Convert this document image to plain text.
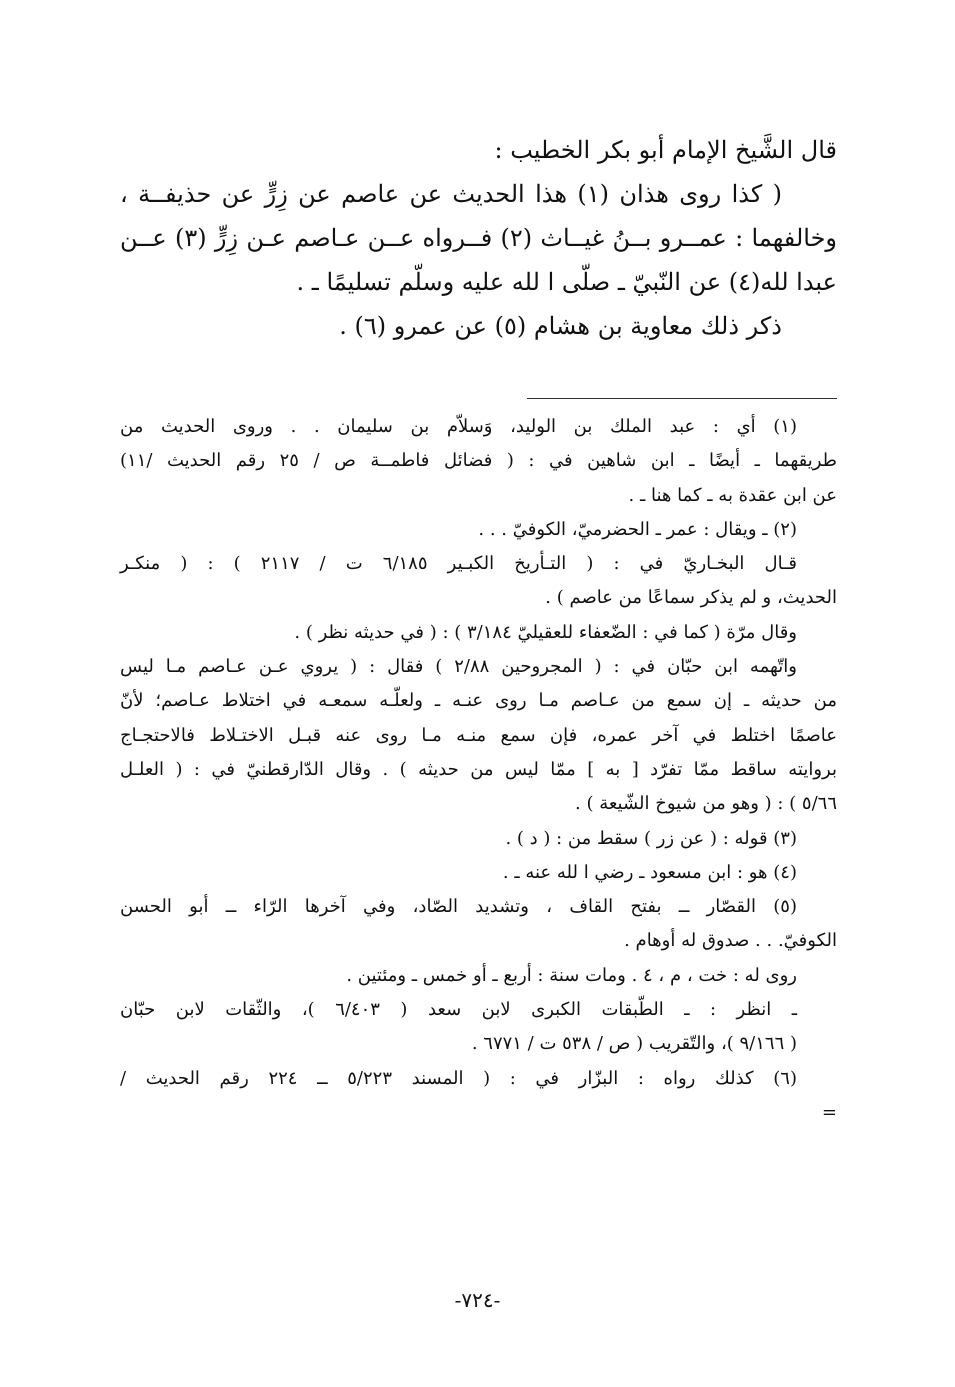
قال الشَّيخ الإمام أبو بكر الخطيب :

( كذا روى هذان (١) هذا الحديث عن عاصم عن زِرٍّ عن حذيفــة ،

وخالفهما : عمــرو بــنُ غيــاث (٢) فــرواه عــن عـاصم عـن زِرٍّ (٣) عــن

عبدا لله(٤) عن النّبيّ ـ صلّى ا لله عليه وسلّم تسليمًا ـ .

ذكر ذلك معاوية بن هشام (٥) عن عمرو (٦) .

(١) أي : عبد الملك بن الوليد، وَسلاّم بن سليمان . . وروى الحديث من

طريقهما ـ أيضًا ـ ابن شاهين في : ( فضائل فاطمــة ص / ٢٥ رقم الحديث /١١)

عن ابن عقدة به ـ كما هنا ـ .

(٢) ـ ويقال : عمر ـ الحضرميّ، الكوفيّ . . .

قـال البخـاريّ في : ( التـأريخ الكبـير ٦/١٨٥ ت / ٢١١٧ ) : ( منكـر

الحديث، و لم يذكر سماعًا من عاصم ) .

وقال مرّة ( كما في : الضّعفاء للعقيليّ ٣/١٨٤ ) : ( في حديثه نظر ) .

واتّهمه ابن حبّان في : ( المجروحين ٢/٨٨ ) فقال : ( يروي عـن عـاصم مـا ليس

من حديثه ـ إن سمع من عـاصم مـا روى عنـه ـ ولعلّـه سمعـه في اختلاط عـاصم؛ لأنّ

عاصمًا اختلط في آخر عمره، فإن سمع منـه مـا روى عنه قبـل الاختـلاط فالاحتجـاج

بروايته ساقط ممّا تفرّد [ به ] ممّا ليس من حديثه ) . وقال الدّارقطنيّ في : ( العلـل

٥/٦٦ ) : ( وهو من شيوخ الشّيعة ) .

(٣) قوله : ( عن زر ) سقط من : ( د ) .

(٤) هو : ابن مسعود ـ رضي ا لله عنه ـ .

(٥) القصّار ــ بفتح القاف ، وتشديد الصّاد، وفي آخرها الرّاء ــ أبو الحسن

الكوفيّ. . . صدوق له أوهام .

روى له : خت ، م ، ٤ . ومات سنة : أربع ـ أو خمس ـ ومئتين .

ـ انظر : ـ الطّبقات الكبرى لابن سعد ( ٦/٤٠٣ )، والثّقات لابن حبّان

( ٩/١٦٦ )، والتّقريب ( ص / ٥٣٨ ت / ٦٧٧١ .

(٦) كذلك رواه : البزّار في : ( المسند ٥/٢٢٣ ــ ٢٢٤ رقم الحديث /

=

-٧٢٤-
